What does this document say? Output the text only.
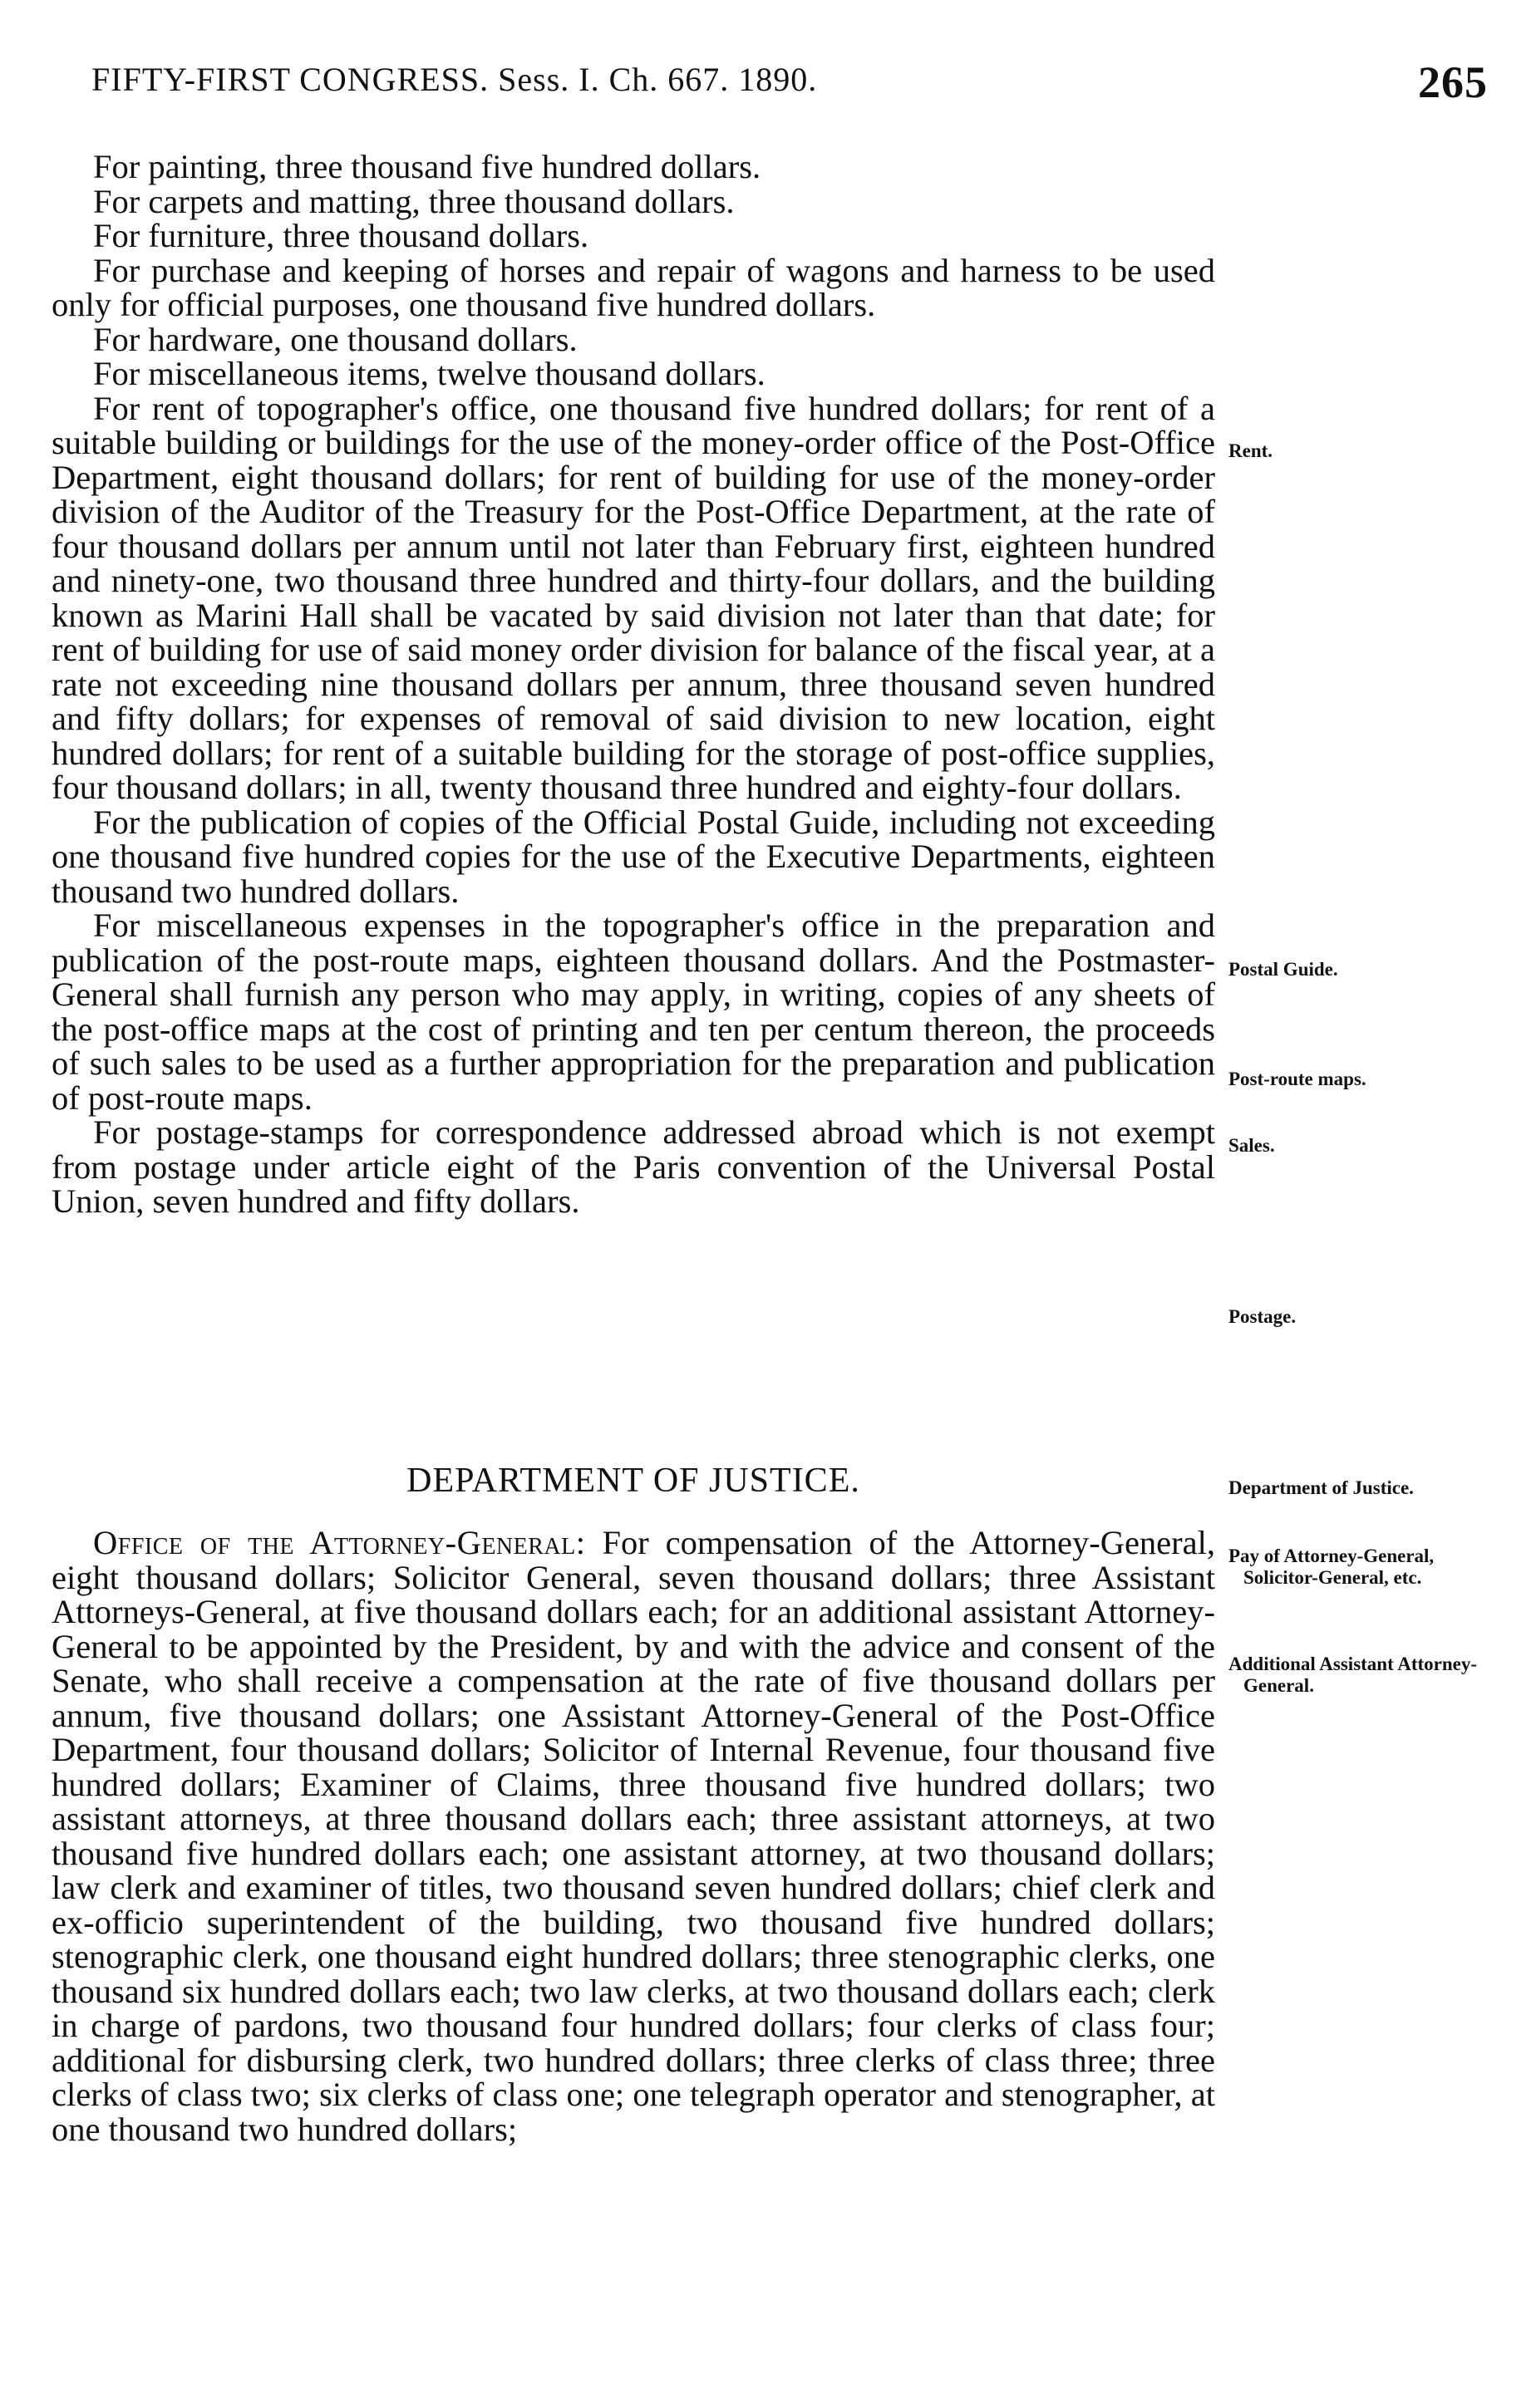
FIFTY-FIRST CONGRESS. Sess. I. Ch. 667. 1890.	265

For painting, three thousand five hundred dollars.

For carpets and matting, three thousand dollars.

For furniture, three thousand dollars.

For purchase and keeping of horses and repair of wagons and harness to be used only for official purposes, one thousand five hundred dollars.

For hardware, one thousand dollars.

For miscellaneous items, twelve thousand dollars.

For rent of topographer's office, one thousand five hundred dollars; for rent of a suitable building or buildings for the use of the money-order office of the Post-Office Department, eight thousand dollars; for rent of building for use of the money-order division of the Auditor of the Treasury for the Post-Office Department, at the rate of four thousand dollars per annum until not later than February first, eighteen hundred and ninety-one, two thousand three hundred and thirty-four dollars, and the building known as Marini Hall shall be vacated by said division not later than that date; for rent of building for use of said money order division for balance of the fiscal year, at a rate not exceeding nine thousand dollars per annum, three thousand seven hundred and fifty dollars; for expenses of removal of said division to new location, eight hundred dollars; for rent of a suitable building for the storage of post-office supplies, four thousand dollars; in all, twenty thousand three hundred and eighty-four dollars.

For the publication of copies of the Official Postal Guide, including not exceeding one thousand five hundred copies for the use of the Executive Departments, eighteen thousand two hundred dollars.

For miscellaneous expenses in the topographer's office in the preparation and publication of the post-route maps, eighteen thousand dollars. And the Postmaster-General shall furnish any person who may apply, in writing, copies of any sheets of the post-office maps at the cost of printing and ten per centum thereon, the proceeds of such sales to be used as a further appropriation for the preparation and publication of post-route maps.

For postage-stamps for correspondence addressed abroad which is not exempt from postage under article eight of the Paris convention of the Universal Postal Union, seven hundred and fifty dollars.

DEPARTMENT OF JUSTICE.

Office of the Attorney-General: For compensation of the Attorney-General, eight thousand dollars; Solicitor General, seven thousand dollars; three Assistant Attorneys-General, at five thousand dollars each; for an additional assistant Attorney-General to be appointed by the President, by and with the advice and consent of the Senate, who shall receive a compensation at the rate of five thousand dollars per annum, five thousand dollars; one Assistant Attorney-General of the Post-Office Department, four thousand dollars; Solicitor of Internal Revenue, four thousand five hundred dollars; Examiner of Claims, three thousand five hundred dollars; two assistant attorneys, at three thousand dollars each; three assistant attorneys, at two thousand five hundred dollars each; one assistant attorney, at two thousand dollars; law clerk and examiner of titles, two thousand seven hundred dollars; chief clerk and ex-officio superintendent of the building, two thousand five hundred dollars; stenographic clerk, one thousand eight hundred dollars; three stenographic clerks, one thousand six hundred dollars each; two law clerks, at two thousand dollars each; clerk in charge of pardons, two thousand four hundred dollars; four clerks of class four; additional for disbursing clerk, two hundred dollars; three clerks of class three; three clerks of class two; six clerks of class one; one telegraph operator and stenographer, at one thousand two hundred dollars;

Rent.
Postal Guide.
Post-route maps.
Sales.
Postage.
Department of Justice.
Pay of Attorney-General, Solicitor-General, etc.
Additional Assistant Attorney-General.
